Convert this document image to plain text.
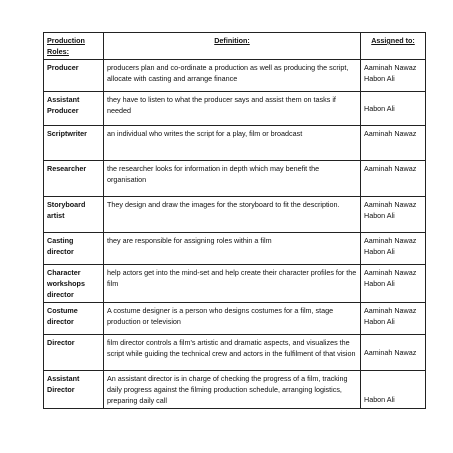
Production Roles:	Definition:	Assigned to:
Producer	producers plan and co-ordinate a production as well as producing the script, allocate with casting and arrange finance	Aaminah Nawaz
Habon Ali

Assistant Producer	they have to listen to what the producer says and assist them on tasks if needed	Habon Ali

Scriptwriter	an individual who writes the script for a play, film or broadcast	Aaminah Nawaz

Researcher	the researcher looks for information in depth which may benefit the organisation	Aaminah Nawaz

Storyboard artist	They design and draw the images for the storyboard to fit the description.	Aaminah Nawaz
Habon Ali

Casting director	they are responsible for assigning roles within a film	Aaminah Nawaz
Habon Ali

Character workshops director	help actors get into the mind-set and help create their character profiles for the film	Aaminah Nawaz
Habon Ali

Costume director	A costume designer is a person who designs costumes for a film, stage production or television	Aaminah Nawaz
Habon Ali

Director	film director controls a film's artistic and dramatic aspects, and visualizes the script while guiding the technical crew and actors in the fulfilment of that vision	Aaminah Nawaz

Assistant Director	An assistant director is in charge of checking the progress of a film, tracking daily progress against the filming production schedule, arranging logistics, preparing daily call	Habon Ali
